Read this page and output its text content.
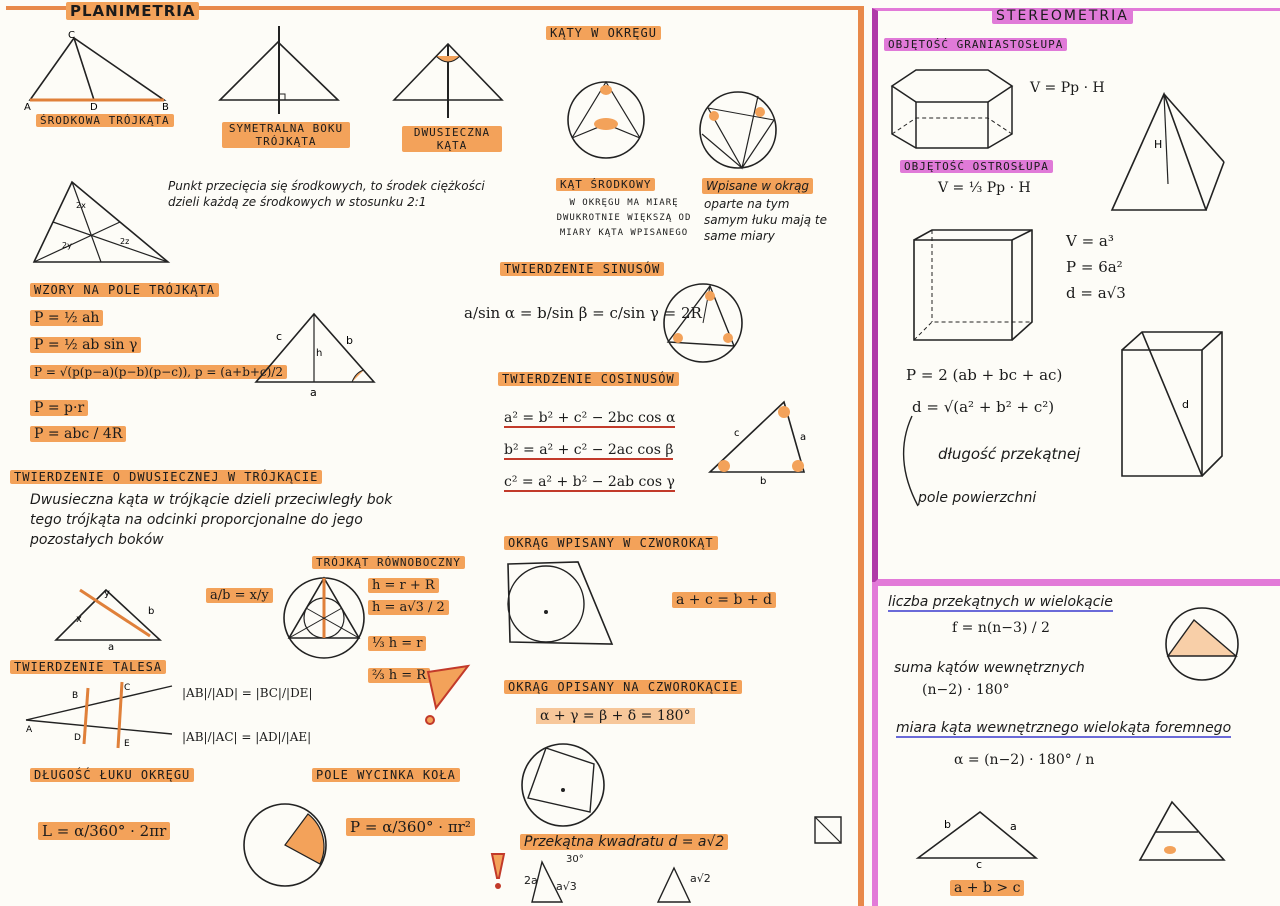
PLANIMETRIA
C
A	D	B
ŚRODKOWA TRÓJKĄTA
SYMETRALNA BOKU TRÓJKĄTA
DWUSIECZNA KĄTA
2x
2y	2z
Punkt przecięcia się środkowych, to środek ciężkości dzieli każdą ze środkowych w stosunku 2:1
WZORY NA POLE TRÓJKĄTA
P = ½ ah
P = ½ ab sin γ
P = √(p(p−a)(p−b)(p−c)), p = (a+b+c)/2
P = p·r
P = abc / 4R
c	b
a
h
TWIERDZENIE O DWUSIECZNEJ W TRÓJKĄCIE
Dwusieczna kąta w trójkącie dzieli przeciwległy bok tego trójkąta na odcinki proporcjonalne do jego pozostałych boków
x
y
b
a
a/b = x/y
TRÓJKĄT RÓWNOBOCZNY
h = r + R
h = a√3 / 2
⅓ h = r
⅔ h = R
TWIERDZENIE TALESA
A
B
C
D
E
|AB|/|AD| = |BC|/|DE|
|AB|/|AC| = |AD|/|AE|
DŁUGOŚĆ ŁUKU OKRĘGU
L = α/360° · 2πr
POLE WYCINKA KOŁA
P = α/360° · πr²
KĄTY W OKRĘGU
KĄT ŚRODKOWY
W OKRĘGU MA MIARĘ DWUKROTNIE WIĘKSZĄ OD MIARY KĄTA WPISANEGO
Wpisane w okrąg
oparte na tym samym łuku mają te same miary
TWIERDZENIE SINUSÓW
a/sin α = b/sin β = c/sin γ = 2R
TWIERDZENIE COSINUSÓW
a² = b² + c² − 2bc cos α
b² = a² + c² − 2ac cos β
c² = a² + b² − 2ab cos γ
c	a
b
OKRĄG WPISANY W CZWOROKĄT
a + c = b + d
OKRĄG OPISANY NA CZWOROKĄCIE
α + γ = β + δ = 180°
Przekątna kwadratu d = a√2
30°
2a a√3
a√2
STEREOMETRIA
OBJĘTOŚĆ GRANIASTOSŁUPA
V = Pp · H
H
OBJĘTOŚĆ OSTROSŁUPA
V = ⅓ Pp · H
V = a³
P = 6a²
d = a√3
d
P = 2 (ab + bc + ac)
d = √(a² + b² + c²)
długość przekątnej
pole powierzchni
liczba przekątnych w wielokącie
f = n(n−3) / 2
suma kątów wewnętrznych
(n−2) · 180°
miara kąta wewnętrznego wielokąta foremnego
α = (n−2) · 180° / n
b	a
c
a + b > c
